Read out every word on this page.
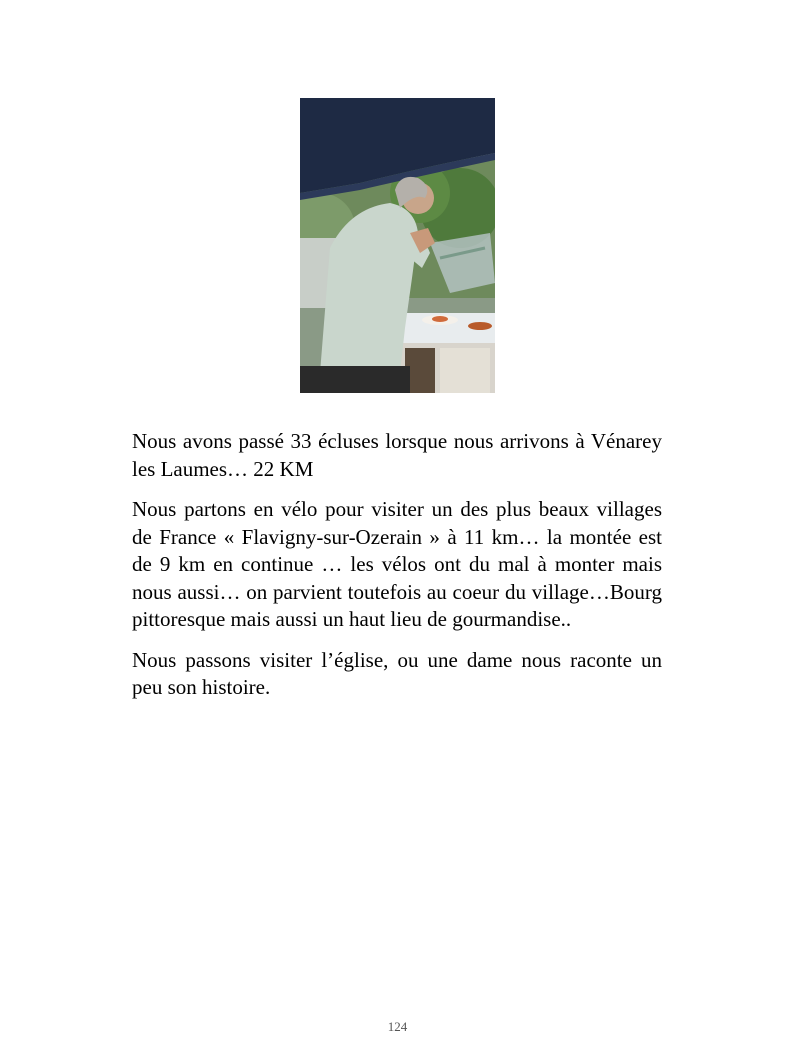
Nous avons passé 33 écluses lorsque nous arrivons à Vénarey les Laumes… 22 KM

Nous partons en vélo pour visiter un des plus beaux villages de France « Flavigny-sur-Ozerain » à 11 km… la montée est de 9 km en continue … les vélos ont du mal à monter mais nous aussi… on parvient toutefois au coeur du village…Bourg pittoresque mais aussi un haut lieu de gourmandise..

Nous passons visiter l’église, ou une dame nous raconte un peu son histoire.

124
